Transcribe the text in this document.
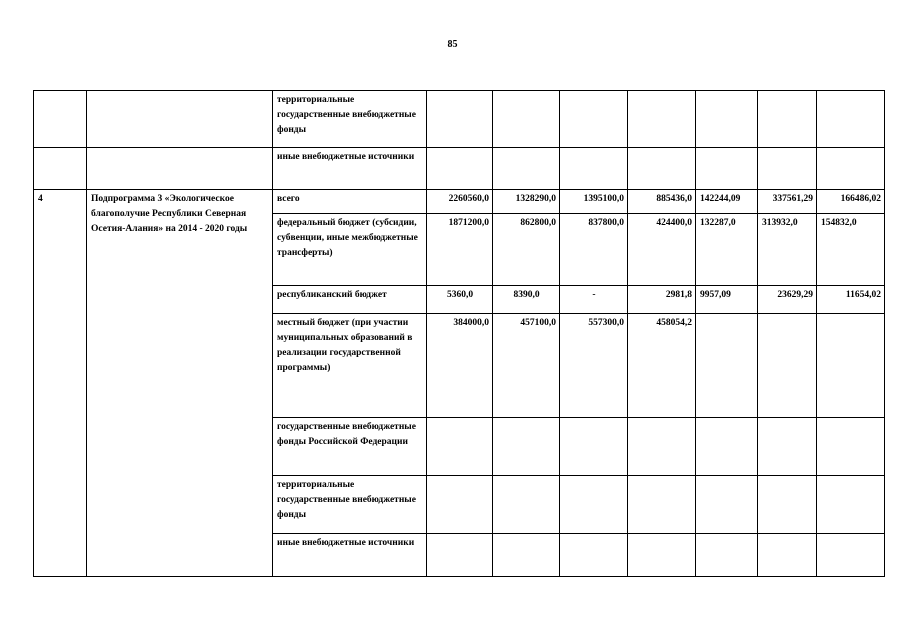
85
		территориальные государственные внебюджетные фонды							
		иные внебюджетные источники							
4	Подпрограмма 3 «Экологическое благополучие Республики Северная Осетия-Алания» на 2014 - 2020 годы	всего	2260560,0	1328290,0	1395100,0	885436,0	142244,09	337561,29	166486,02
		федеральный бюджет (субсидии, субвенции, иные межбюджетные трансферты)	1871200,0	862800,0	837800,0	424400,0	132287,0	313932,0	154832,0
		республиканский бюджет	5360,0	8390,0	-	2981,8	9957,09	23629,29	11654,02
		местный бюджет (при участии муниципальных образований в реализации государственной программы)	384000,0	457100,0	557300,0	458054,2			
		государственные внебюджетные фонды Российской Федерации							
		территориальные государственные внебюджетные фонды							
		иные внебюджетные источники							
